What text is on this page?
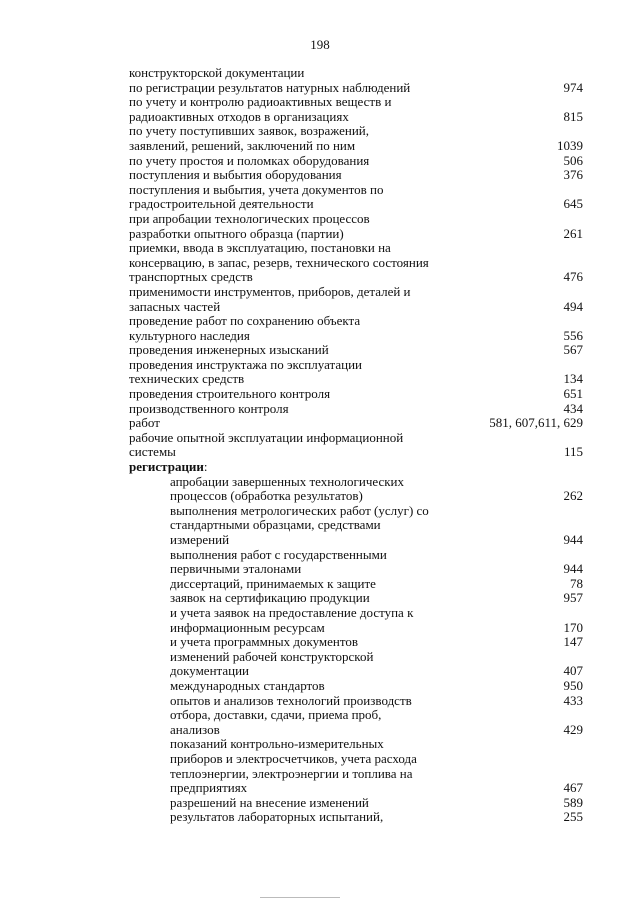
198
конструкторской документации
по регистрации результатов натурных наблюдений	974
по учету и контролю радиоактивных веществ и
радиоактивных отходов в организациях	815
по учету поступивших заявок, возражений,
заявлений, решений, заключений по ним	1039
по учету простоя и поломках оборудования	506
поступления и выбытия оборудования	376
поступления и выбытия, учета документов по
градостроительной деятельности	645
при апробации технологических процессов
разработки опытного образца (партии)	261
приемки, ввода в эксплуатацию, постановки на
консервацию, в запас, резерв, технического состояния
транспортных средств	476
применимости инструментов, приборов, деталей и
запасных частей	494
проведение работ по сохранению объекта
культурного наследия	556
проведения инженерных изысканий	567
проведения инструктажа по эксплуатации
технических средств	134
проведения строительного контроля	651
производственного контроля	434
работ	581, 607,611, 629
рабочие опытной эксплуатации информационной
системы	115
регистрации:
апробации завершенных технологических
процессов (обработка результатов)	262
выполнения метрологических работ (услуг) со
стандартными образцами, средствами
измерений	944
выполнения работ с государственными
первичными эталонами	944
диссертаций, принимаемых к защите	78
заявок на сертификацию продукции	957
и учета заявок на предоставление доступа к
информационным ресурсам	170
и учета программных документов	147
изменений рабочей конструкторской
документации	407
международных стандартов	950
опытов и анализов технологий производств	433
отбора, доставки, сдачи, приема проб,
анализов	429
показаний контрольно-измерительных
приборов и электросчетчиков, учета расхода
теплоэнергии, электроэнергии и топлива на
предприятиях	467
разрешений на внесение изменений	589
результатов лабораторных испытаний,	255
